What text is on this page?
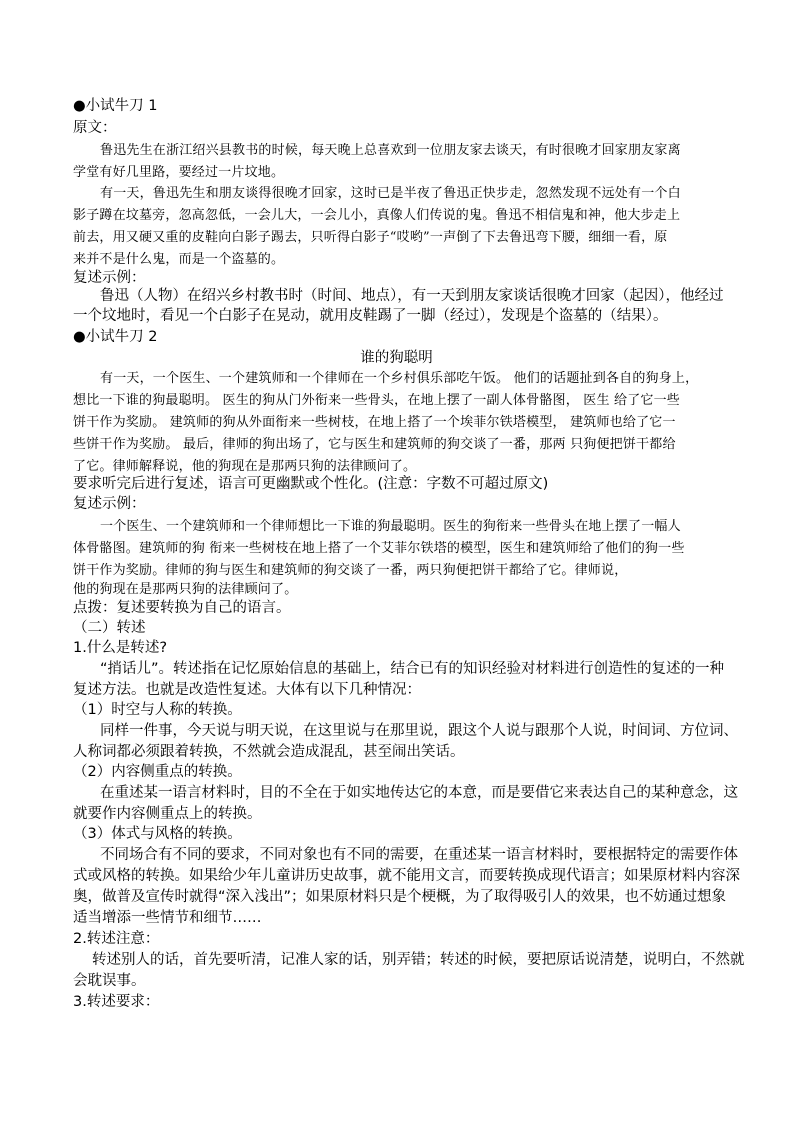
●小试牛刀 1
原文：
鲁迅先生在浙江绍兴县教书的时候，每天晚上总喜欢到一位朋友家去谈天，有时很晚才回家朋友家离
学堂有好几里路，要经过一片坟地。
有一天，鲁迅先生和朋友谈得很晚才回家，这时已是半夜了鲁迅正快步走，忽然发现不远处有一个白
影子蹲在坟墓旁，忽高忽低，一会儿大，一会儿小，真像人们传说的鬼。鲁迅不相信鬼和神，他大步走上
前去，用又硬又重的皮鞋向白影子踢去，只听得白影子“哎哟”一声倒了下去鲁迅弯下腰，细细一看，原
来并不是什么鬼，而是一个盗墓的。
复述示例：
鲁迅（人物）在绍兴乡村教书时（时间、地点），有一天到朋友家谈话很晚才回家（起因），他经过
一个坟地时，看见一个白影子在晃动，就用皮鞋踢了一脚（经过），发现是个盗墓的（结果）。
●小试牛刀 2
谁的狗聪明
有一天，一个医生、一个建筑师和一个律师在一个乡村俱乐部吃午饭。 他们的话题扯到各自的狗身上，
想比一下谁的狗最聪明。 医生的狗从门外衔来一些骨头，在地上摆了一副人体骨骼图， 医生 给了它一些
饼干作为奖励。 建筑师的狗从外面衔来一些树枝，在地上搭了一个埃菲尔铁塔模型， 建筑师也给了它一
些饼干作为奖励。 最后，律师的狗出场了，它与医生和建筑师的狗交谈了一番，那两 只狗便把饼干都给
了它。律师解释说，他的狗现在是那两只狗的法律顾问了。
要求听完后进行复述，语言可更幽默或个性化。(注意：字数不可超过原文)
复述示例：
一个医生、一个建筑师和一个律师想比一下谁的狗最聪明。医生的狗衔来一些骨头在地上摆了一幅人
体骨骼图。建筑师的狗 衔来一些树枝在地上搭了一个艾菲尔铁塔的模型，医生和建筑师给了他们的狗一些
饼干作为奖励。律师的狗与医生和建筑师的狗交谈了一番，两只狗便把饼干都给了它。律师说，
他的狗现在是那两只狗的法律顾问了。
点拨：复述要转换为自己的语言。
（二）转述
1.什么是转述?
“捎话儿”。转述指在记忆原始信息的基础上，结合已有的知识经验对材料进行创造性的复述的一种
复述方法。也就是改造性复述。大体有以下几种情况：
（1）时空与人称的转换。
同样一件事，今天说与明天说，在这里说与在那里说，跟这个人说与跟那个人说，时间词、方位词、
人称词都必须跟着转换，不然就会造成混乱，甚至闹出笑话。
（2）内容侧重点的转换。
在重述某一语言材料时，目的不全在于如实地传达它的本意，而是要借它来表达自己的某种意念，这
就要作内容侧重点上的转换。
（3）体式与风格的转换。
不同场合有不同的要求，不同对象也有不同的需要，在重述某一语言材料时，要根据特定的需要作体
式或风格的转换。如果给少年儿童讲历史故事，就不能用文言，而要转换成现代语言；如果原材料内容深
奥，做普及宣传时就得“深入浅出”；如果原材料只是个梗概，为了取得吸引人的效果，也不妨通过想象
适当增添一些情节和细节……
2.转述注意：
转述别人的话，首先要听清，记准人家的话，别弄错；转述的时候，要把原话说清楚，说明白，不然就
会耽误事。
3.转述要求：
